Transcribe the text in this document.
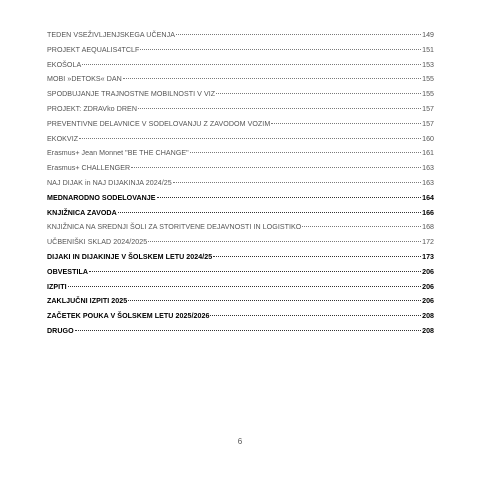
TEDEN VSEŽIVLJENJSKEGA UČENJA	149
PROJEKT AEQUALIS4TCLF	151
EKOŠOLA	153
MOBI »DETOKS« DAN	155
SPODBUJANJE TRAJNOSTNE MOBILNOSTI V VIZ	155
PROJEKT: ZDRAVko DREN	157
PREVENTIVNE DELAVNICE V SODELOVANJU Z ZAVODOM VOZIM	157
EKOKVIZ	160
Erasmus+ Jean Monnet "BE THE CHANGE"	161
Erasmus+ CHALLENGER	163
NAJ DIJAK in NAJ DIJAKINJA 2024/25	163
MEDNARODNO SODELOVANJE	164
KNJIŽNICA ZAVODA	166
KNJIŽNICA NA SREDNJI ŠOLI ZA STORITVENE DEJAVNOSTI IN LOGISTIKO	168
UČBENIŠKI SKLAD 2024/2025	172
DIJAKI IN DIJAKINJE V ŠOLSKEM LETU 2024/25	173
OBVESTILA	206
IZPITI	206
ZAKLJUČNI IZPITI 2025	206
ZAČETEK POUKA V ŠOLSKEM LETU 2025/2026	208
DRUGO	208
6
